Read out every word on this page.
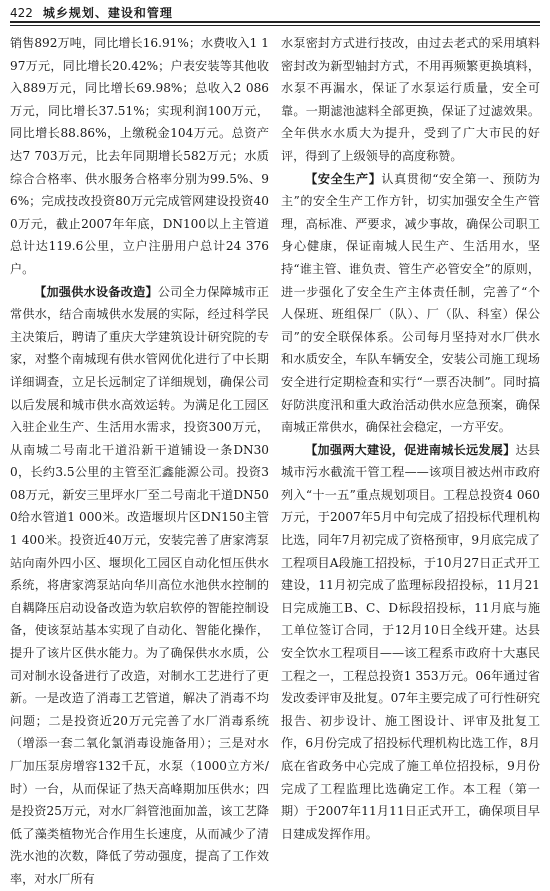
422 城乡规划、建设和管理

销售892万吨，同比增长16.91%；水费收入1 197万元，同比增长20.42%；户表安装等其他收入889万元，同比增长69.98%；总收入2 086万元，同比增长37.51%；实现利润100万元，同比增长88.86%，上缴税金104万元。总资产达7 703万元，比去年同期增长582万元；水质综合合格率、供水服务合格率分别为99.5%、96%；完成技改投资80万元完成管网建设投资400万元，截止2007年年底，DN100以上主管道总计达119.6公里，立户注册用户总计24 376户。

【加强供水设备改造】公司全力保障城市正常供水，结合南城供水发展的实际，经过科学民主决策后，聘请了重庆大学建筑设计研究院的专家，对整个南城现有供水管网优化进行了中长期详细调查，立足长远制定了详细规划，确保公司以后发展和城市供水高效运转。为满足化工园区入驻企业生产、生活用水需求，投资300万元，从南城二号南北干道沿新干道铺设一条DN300，长约3.5公里的主管至汇鑫能源公司。投资308万元，新安三里坪水厂至二号南北干道DN500给水管道1 000米。改造堰坝片区DN150主管1 400米。投资近40万元，安装完善了唐家湾泵站向南外四小区、堰坝化工园区自动化恒压供水系统，将唐家湾泵站向华川高位水池供水控制的自耦降压启动设备改造为软启软停的智能控制设备，使该泵站基本实现了自动化、智能化操作，提升了该片区供水能力。为了确保供水水质，公司对制水设备进行了改造，对制水工艺进行了更新。一是改造了消毒工艺管道，解决了消毒不均问题；二是投资近20万元完善了水厂消毒系统（增添一套二氧化氯消毒设施备用）；三是对水厂加压泵房增容132千瓦，水泵（1000立方米/时）一台，从而保证了热天高峰期加压供水；四是投资25万元，对水厂斜管池面加盖，该工艺降低了藻类植物光合作用生长速度，从而减少了清洗水池的次数，降低了劳动强度，提高了工作效率，对水厂所有

水泵密封方式进行技改，由过去老式的采用填料密封改为新型轴封方式，不用再频繁更换填料，水泵不再漏水，保证了水泵运行质量，安全可靠。一期滤池滤料全部更换，保证了过滤效果。全年供水水质大为提升，受到了广大市民的好评，得到了上级领导的高度称赞。

【安全生产】认真贯彻“安全第一、预防为主”的安全生产工作方针，切实加强安全生产管理，高标准、严要求，减少事故，确保公司职工身心健康，保证南城人民生产、生活用水，坚持“谁主管、谁负责、管生产必管安全”的原则，进一步强化了安全生产主体责任制，完善了“个人保班、班组保厂（队）、厂（队、科室）保公司”的安全联保体系。公司每月坚持对水厂供水和水质安全，车队车辆安全，安装公司施工现场安全进行定期检查和实行“一票否决制”。同时搞好防洪度汛和重大政治活动供水应急预案，确保南城正常供水，确保社会稳定，一方平安。

【加强两大建设，促进南城长远发展】达县城市污水截流干管工程——该项目被达州市政府列入“十一五”重点规划项目。工程总投资4 060万元，于2007年5月中旬完成了招投标代理机构比选，同年7月初完成了资格预审，9月底完成了工程项目A段施工招投标，于10月27日正式开工建设，11月初完成了监理标段招投标，11月21日完成施工B、C、D标段招投标，11月底与施工单位签订合同，于12月10日全线开建。达县安全饮水工程项目——该工程系市政府十大惠民工程之一，工程总投资1 353万元。06年通过省发改委评审及批复。07年主要完成了可行性研究报告、初步设计、施工图设计、评审及批复工作，6月份完成了招投标代理机构比选工作，8月底在省政务中心完成了施工单位招投标，9月份完成了工程监理比选确定工作。本工程（第一期）于2007年11月11日正式开工，确保项目早日建成发挥作用。
